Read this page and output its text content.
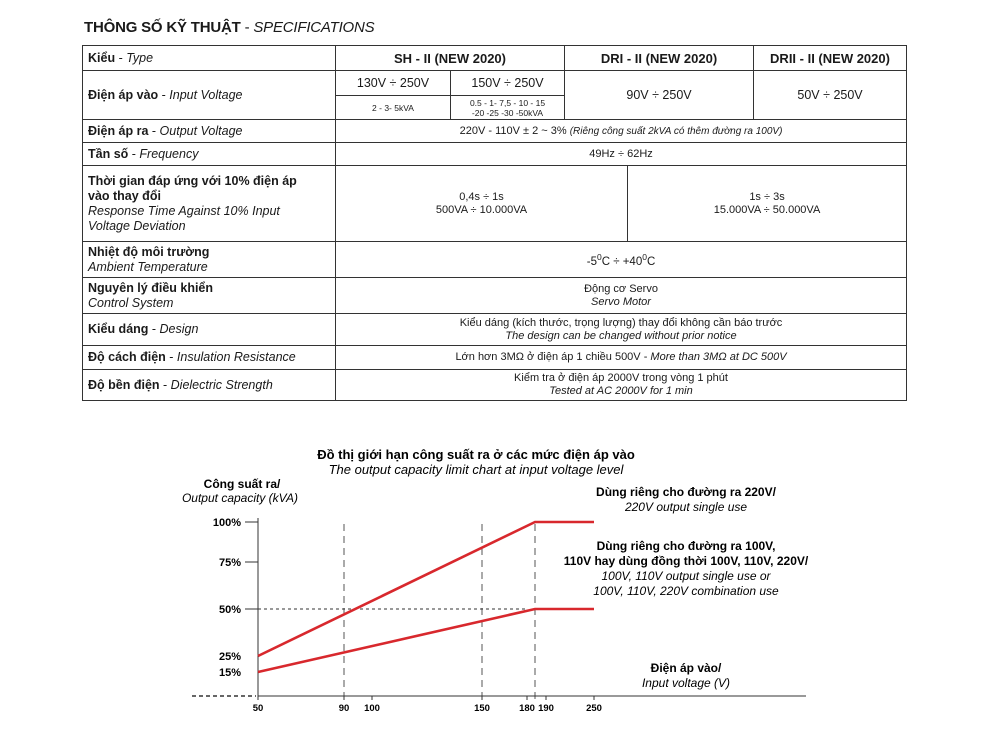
THÔNG SỐ KỸ THUẬT - SPECIFICATIONS
Kiểu - Type	SH - II (NEW 2020)		DRI - II (NEW 2020)		DRII - II (NEW 2020)
Điện áp vào - Input Voltage	130V ÷ 250V	150V ÷ 250V	90V ÷ 250V		50V ÷ 250V
	2 - 3- 5kVA	0.5 - 1- 7,5 - 10 - 15
-20 -25 -30 -50kVA			
Điện áp ra - Output Voltage	220V - 110V ± 2 ~ 3% (Riêng công suất 2kVA có thêm đường ra 100V)				
Tần số - Frequency	49Hz ÷ 62Hz				
Thời gian đáp ứng với 10% điện áp
vào thay đổi
Response Time Against 10% Input
Voltage Deviation	0,4s ÷ 1s
500VA ÷ 10.000VA			1s ÷ 3s
15.000VA ÷ 50.000VA	
Nhiệt độ môi trường
Ambient Temperature	$-5^0C \div +40^0C$				
Nguyên lý điều khiển
Control System	Động cơ Servo
Servo Motor				
Kiểu dáng - Design	Kiểu dáng (kích thước, trọng lượng) thay đổi không cần báo trước
The design can be changed without prior notice				
Độ cách điện - Insulation Resistance	Lớn hơn 3MΩ ở điện áp 1 chiều 500V - More than 3MΩ at DC 500V				
Độ bền điện - Dielectric Strength	Kiểm tra ở điện áp 2000V trong vòng 1 phút
Tested at AC 2000V for 1 min				
Đồ thị giới hạn công suất ra ở các mức điện áp vào
The output capacity limit chart at input voltage level
Công suất ra/
Output capacity (kVA)
100%
75%
50%
25%
15%
50	90 100	150	180 190	250
Dùng riêng cho đường ra 220V/
220V output single use
Dùng riêng cho đường ra 100V,
110V hay dùng đồng thời 100V, 110V, 220V/
100V, 110V output single use or
100V, 110V, 220V combination use
Điện áp vào/
Input voltage (V)
